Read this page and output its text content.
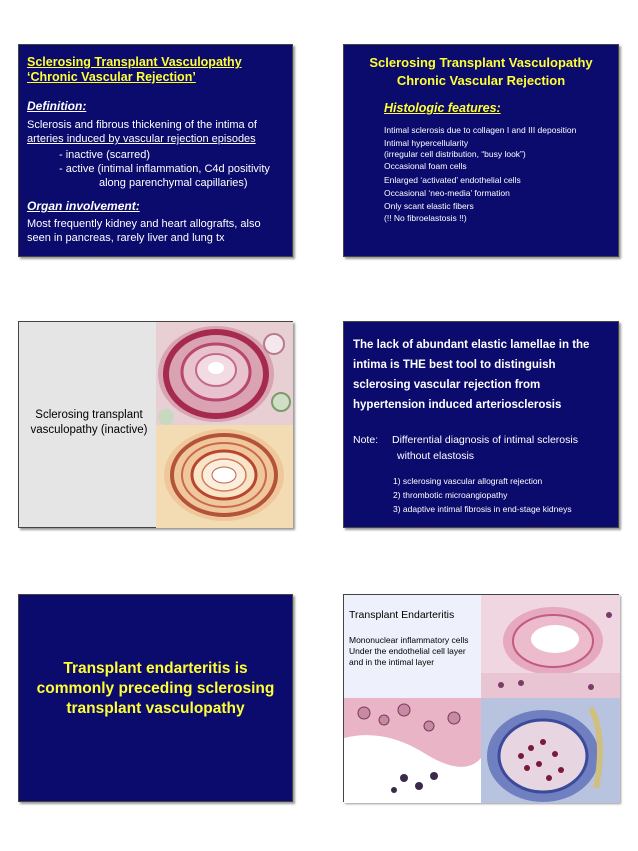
Sclerosing Transplant Vasculopathy
‘Chronic Vascular Rejection’
Definition:
Sclerosis and fibrous thickening of the intima of
arteries induced by vascular rejection episodes
- inactive (scarred)
- active (intimal inflammation, C4d positivity
along parenchymal capillaries)
Organ involvement:
Most frequently kidney and heart allografts, also
seen in pancreas, rarely liver and lung tx
Sclerosing Transplant Vasculopathy
Chronic Vascular Rejection
Histologic features:
Intimal sclerosis due to collagen I and III deposition
Intimal hypercellularity
(irregular cell distribution, “busy look”)
Occasional foam cells
Enlarged ‘activated’ endothelial cells
Occasional ‘neo-media’ formation
Only scant elastic fibers
(!! No fibroelastosis !!)
Sclerosing transplant
vasculopathy (inactive)
The lack of abundant elastic lamellae in the
intima is THE best tool to distinguish
sclerosing vascular rejection from
hypertension induced arteriosclerosis
Note: Differential diagnosis of intimal sclerosis
without elastosis
1) sclerosing vascular allograft rejection
2) thrombotic microangiopathy
3) adaptive intimal fibrosis in end-stage kidneys
Transplant endarteritis is
commonly preceding sclerosing
transplant vasculopathy
Transplant Endarteritis
Mononuclear inflammatory cells
Under the endothelial cell layer
and in the intimal layer
